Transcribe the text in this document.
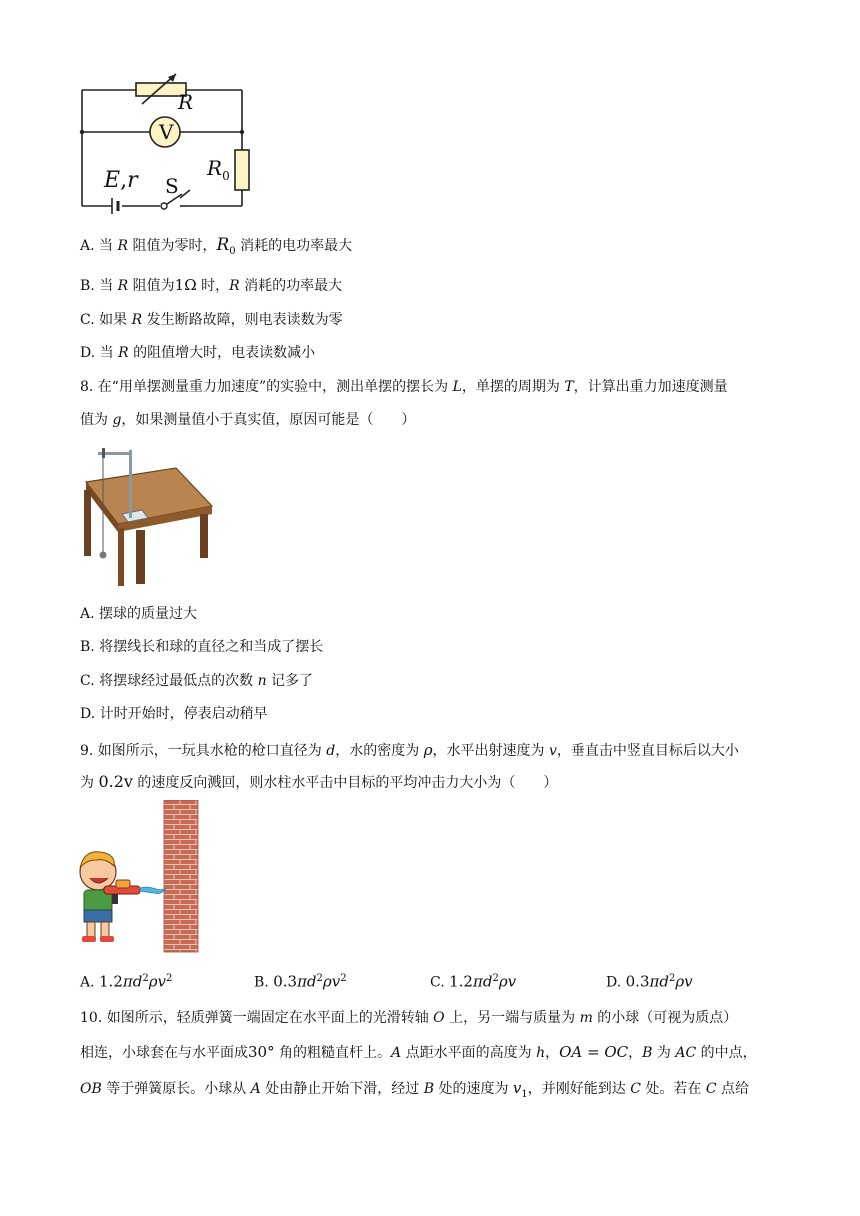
R
V
$R_0$
E,r S
A. 当 R 阻值为零时，$R_0$ 消耗的电功率最大
B. 当 R 阻值为1Ω 时，R 消耗的功率最大
C. 如果 R 发生断路故障，则电表读数为零
D. 当 R 的阻值增大时，电表读数减小
8. 在“用单摆测量重力加速度”的实验中，测出单摆的摆长为 L，单摆的周期为 T，计算出重力加速度测量
值为 g，如果测量值小于真实值，原因可能是（　　）
A. 摆球的质量过大
B. 将摆线长和球的直径之和当成了摆长
C. 将摆球经过最低点的次数 n 记多了
D. 计时开始时，停表启动稍早
9. 如图所示，一玩具水枪的枪口直径为 d，水的密度为 ρ，水平出射速度为 v，垂直击中竖直目标后以大小
为 0.2v 的速度反向溅回，则水柱水平击中目标的平均冲击力大小为（　　）
A. $1.2\pi d^2\rho v^2$	B. $0.3\pi d^2\rho v^2$	C. $1.2\pi d^2\rho v$	D. $0.3\pi d^2\rho v$
10. 如图所示，轻质弹簧一端固定在水平面上的光滑转轴 O 上，另一端与质量为 m 的小球（可视为质点）
相连，小球套在与水平面成30° 角的粗糙直杆上。A 点距水平面的高度为 h，OA = OC，B 为 AC 的中点，
OB 等于弹簧原长。小球从 A 处由静止开始下滑，经过 B 处的速度为 $v_1$，并刚好能到达 C 处。若在 C 点给
